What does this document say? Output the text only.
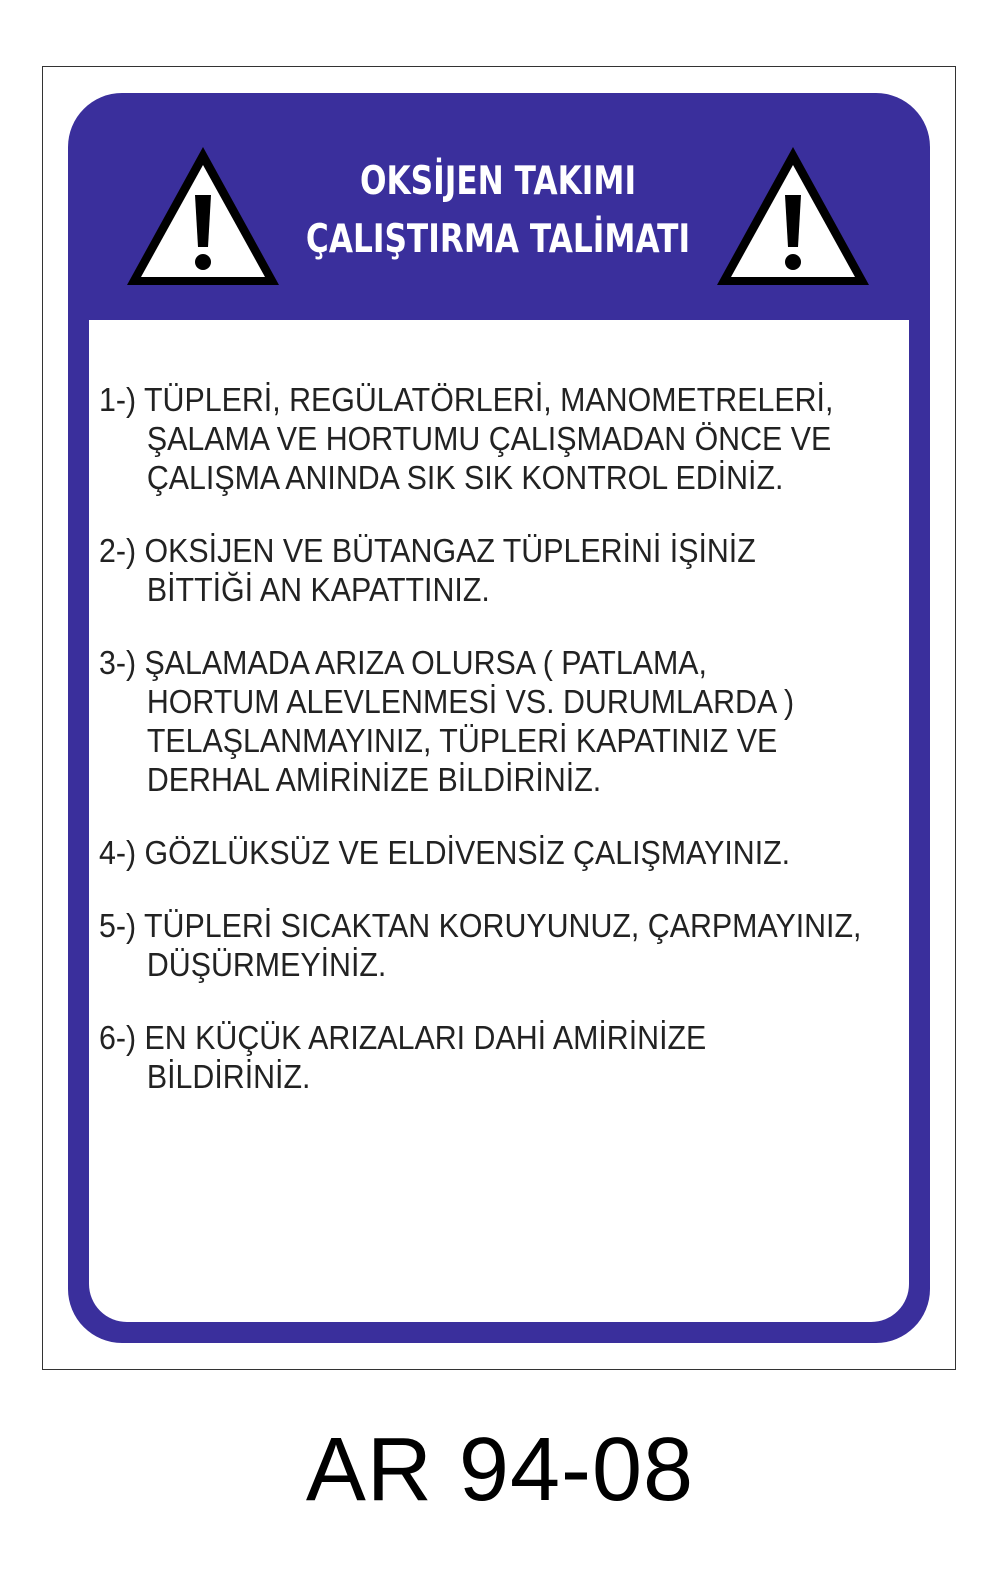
OKSİJEN TAKIMI
ÇALIŞTIRMA TALİMATI
1-) TÜPLERİ, REGÜLATÖRLERİ, MANOMETRELERİ,
ŞALAMA VE HORTUMU ÇALIŞMADAN ÖNCE VE
ÇALIŞMA ANINDA SIK SIK KONTROL EDİNİZ.
2-) OKSİJEN VE BÜTANGAZ TÜPLERİNİ İŞİNİZ
BİTTİĞİ AN KAPATTINIZ.
3-) ŞALAMADA ARIZA OLURSA ( PATLAMA,
HORTUM ALEVLENMESİ VS. DURUMLARDA )
TELAŞLANMAYINIZ, TÜPLERİ KAPATINIZ VE
DERHAL AMİRİNİZE BİLDİRİNİZ.
4-) GÖZLÜKSÜZ VE ELDİVENSİZ ÇALIŞMAYINIZ.
5-) TÜPLERİ SICAKTAN KORUYUNUZ, ÇARPMAYINIZ,
DÜŞÜRMEYİNİZ.
6-) EN KÜÇÜK ARIZALARI DAHİ AMİRİNİZE
BİLDİRİNİZ.
AR 94-08
